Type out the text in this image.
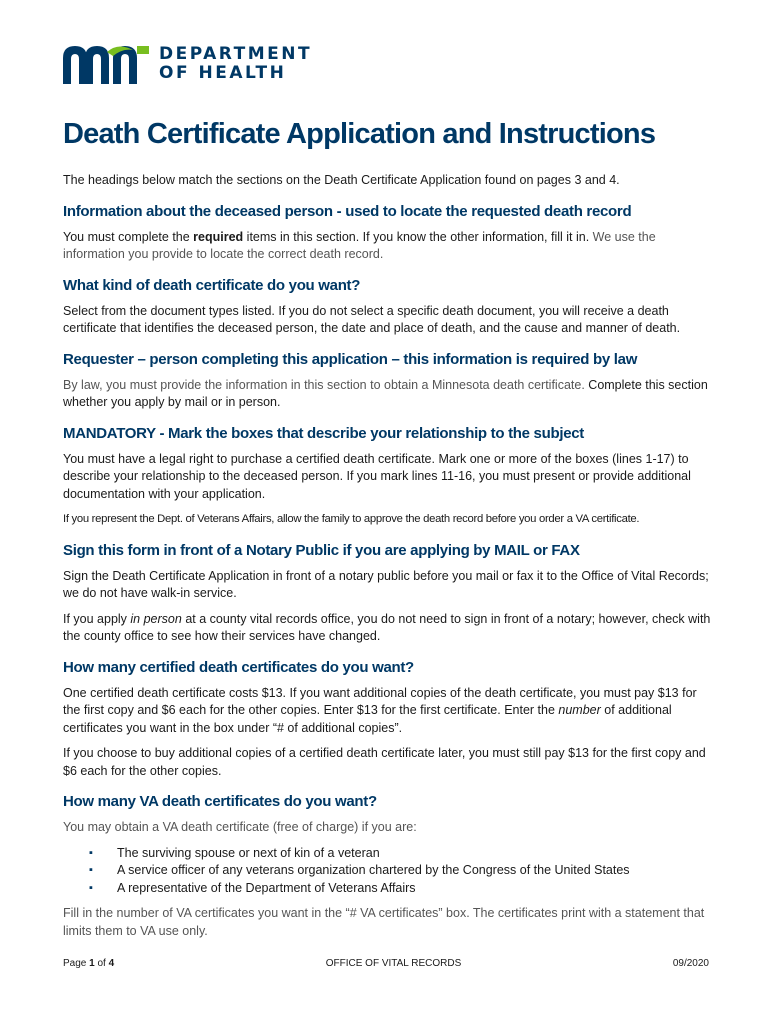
DEPARTMENT
OF HEALTH
Death Certificate Application and Instructions

The headings below match the sections on the Death Certificate Application found on pages 3 and 4.

Information about the deceased person - used to locate the requested death record

You must complete the required items in this section. If you know the other information, fill it in. We use the information you provide to locate the correct death record.

What kind of death certificate do you want?

Select from the document types listed. If you do not select a specific death document, you will receive a death certificate that identifies the deceased person, the date and place of death, and the cause and manner of death.

Requester – person completing this application – this information is required by law

By law, you must provide the information in this section to obtain a Minnesota death certificate. Complete this section whether you apply by mail or in person.

MANDATORY - Mark the boxes that describe your relationship to the subject

You must have a legal right to purchase a certified death certificate. Mark one or more of the boxes (lines 1-17) to describe your relationship to the deceased person. If you mark lines 11-16, you must present or provide additional documentation with your application.

If you represent the Dept. of Veterans Affairs, allow the family to approve the death record before you order a VA certificate.

Sign this form in front of a Notary Public if you are applying by MAIL or FAX

Sign the Death Certificate Application in front of a notary public before you mail or fax it to the Office of Vital Records; we do not have walk-in service.

If you apply in person at a county vital records office, you do not need to sign in front of a notary; however, check with the county office to see how their services have changed.

How many certified death certificates do you want?

One certified death certificate costs $13. If you want additional copies of the death certificate, you must pay $13 for the first copy and $6 each for the other copies. Enter $13 for the first certificate. Enter the number of additional certificates you want in the box under “# of additional copies”.

If you choose to buy additional copies of a certified death certificate later, you must still pay $13 for the first copy and $6 each for the other copies.

How many VA death certificates do you want?

You may obtain a VA death certificate (free of charge) if you are:

▪ The surviving spouse or next of kin of a veteran
▪ A service officer of any veterans organization chartered by the Congress of the United States
▪ A representative of the Department of Veterans Affairs

Fill in the number of VA certificates you want in the “# VA certificates” box. The certificates print with a statement that limits them to VA use only.

Page 1 of 4	OFFICE OF VITAL RECORDS	09/2020
